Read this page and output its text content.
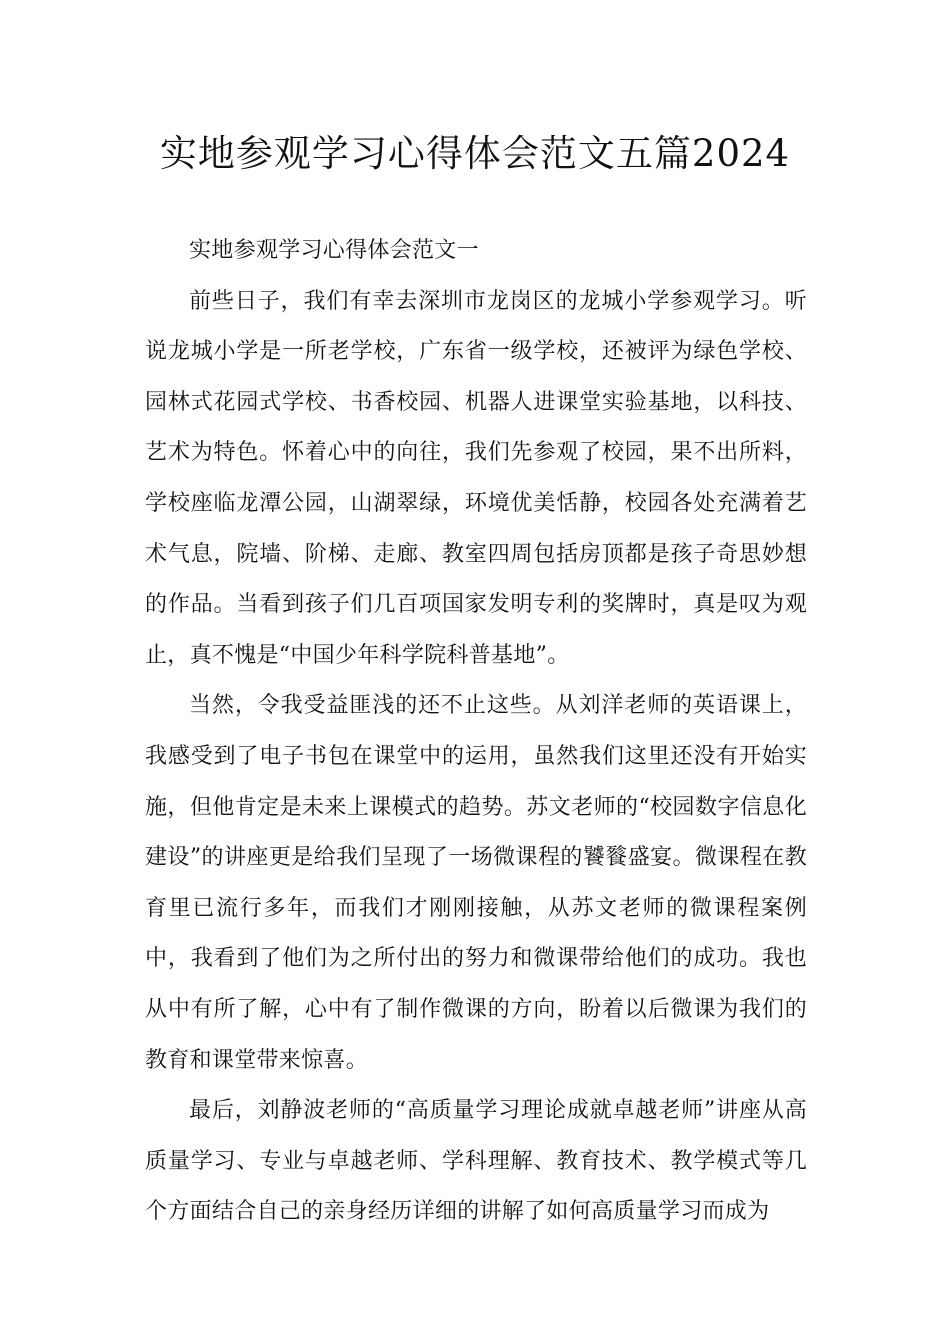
实地参观学习心得体会范文五篇2024

实地参观学习心得体会范文一

前些日子，我们有幸去深圳市龙岗区的龙城小学参观学习。听说龙城小学是一所老学校，广东省一级学校，还被评为绿色学校、园林式花园式学校、书香校园、机器人进课堂实验基地，以科技、艺术为特色。怀着心中的向往，我们先参观了校园，果不出所料，学校座临龙潭公园，山湖翠绿，环境优美恬静，校园各处充满着艺术气息，院墙、阶梯、走廊、教室四周包括房顶都是孩子奇思妙想的作品。当看到孩子们几百项国家发明专利的奖牌时，真是叹为观止，真不愧是“中国少年科学院科普基地”。

当然，令我受益匪浅的还不止这些。从刘洋老师的英语课上，我感受到了电子书包在课堂中的运用，虽然我们这里还没有开始实施，但他肯定是未来上课模式的趋势。苏文老师的“校园数字信息化建设”的讲座更是给我们呈现了一场微课程的饕餮盛宴。微课程在教育里已流行多年，而我们才刚刚接触，从苏文老师的微课程案例中，我看到了他们为之所付出的努力和微课带给他们的成功。我也从中有所了解，心中有了制作微课的方向，盼着以后微课为我们的教育和课堂带来惊喜。

最后，刘静波老师的“高质量学习理论成就卓越老师”讲座从高质量学习、专业与卓越老师、学科理解、教育技术、教学模式等几个方面结合自己的亲身经历详细的讲解了如何高质量学习而成为
